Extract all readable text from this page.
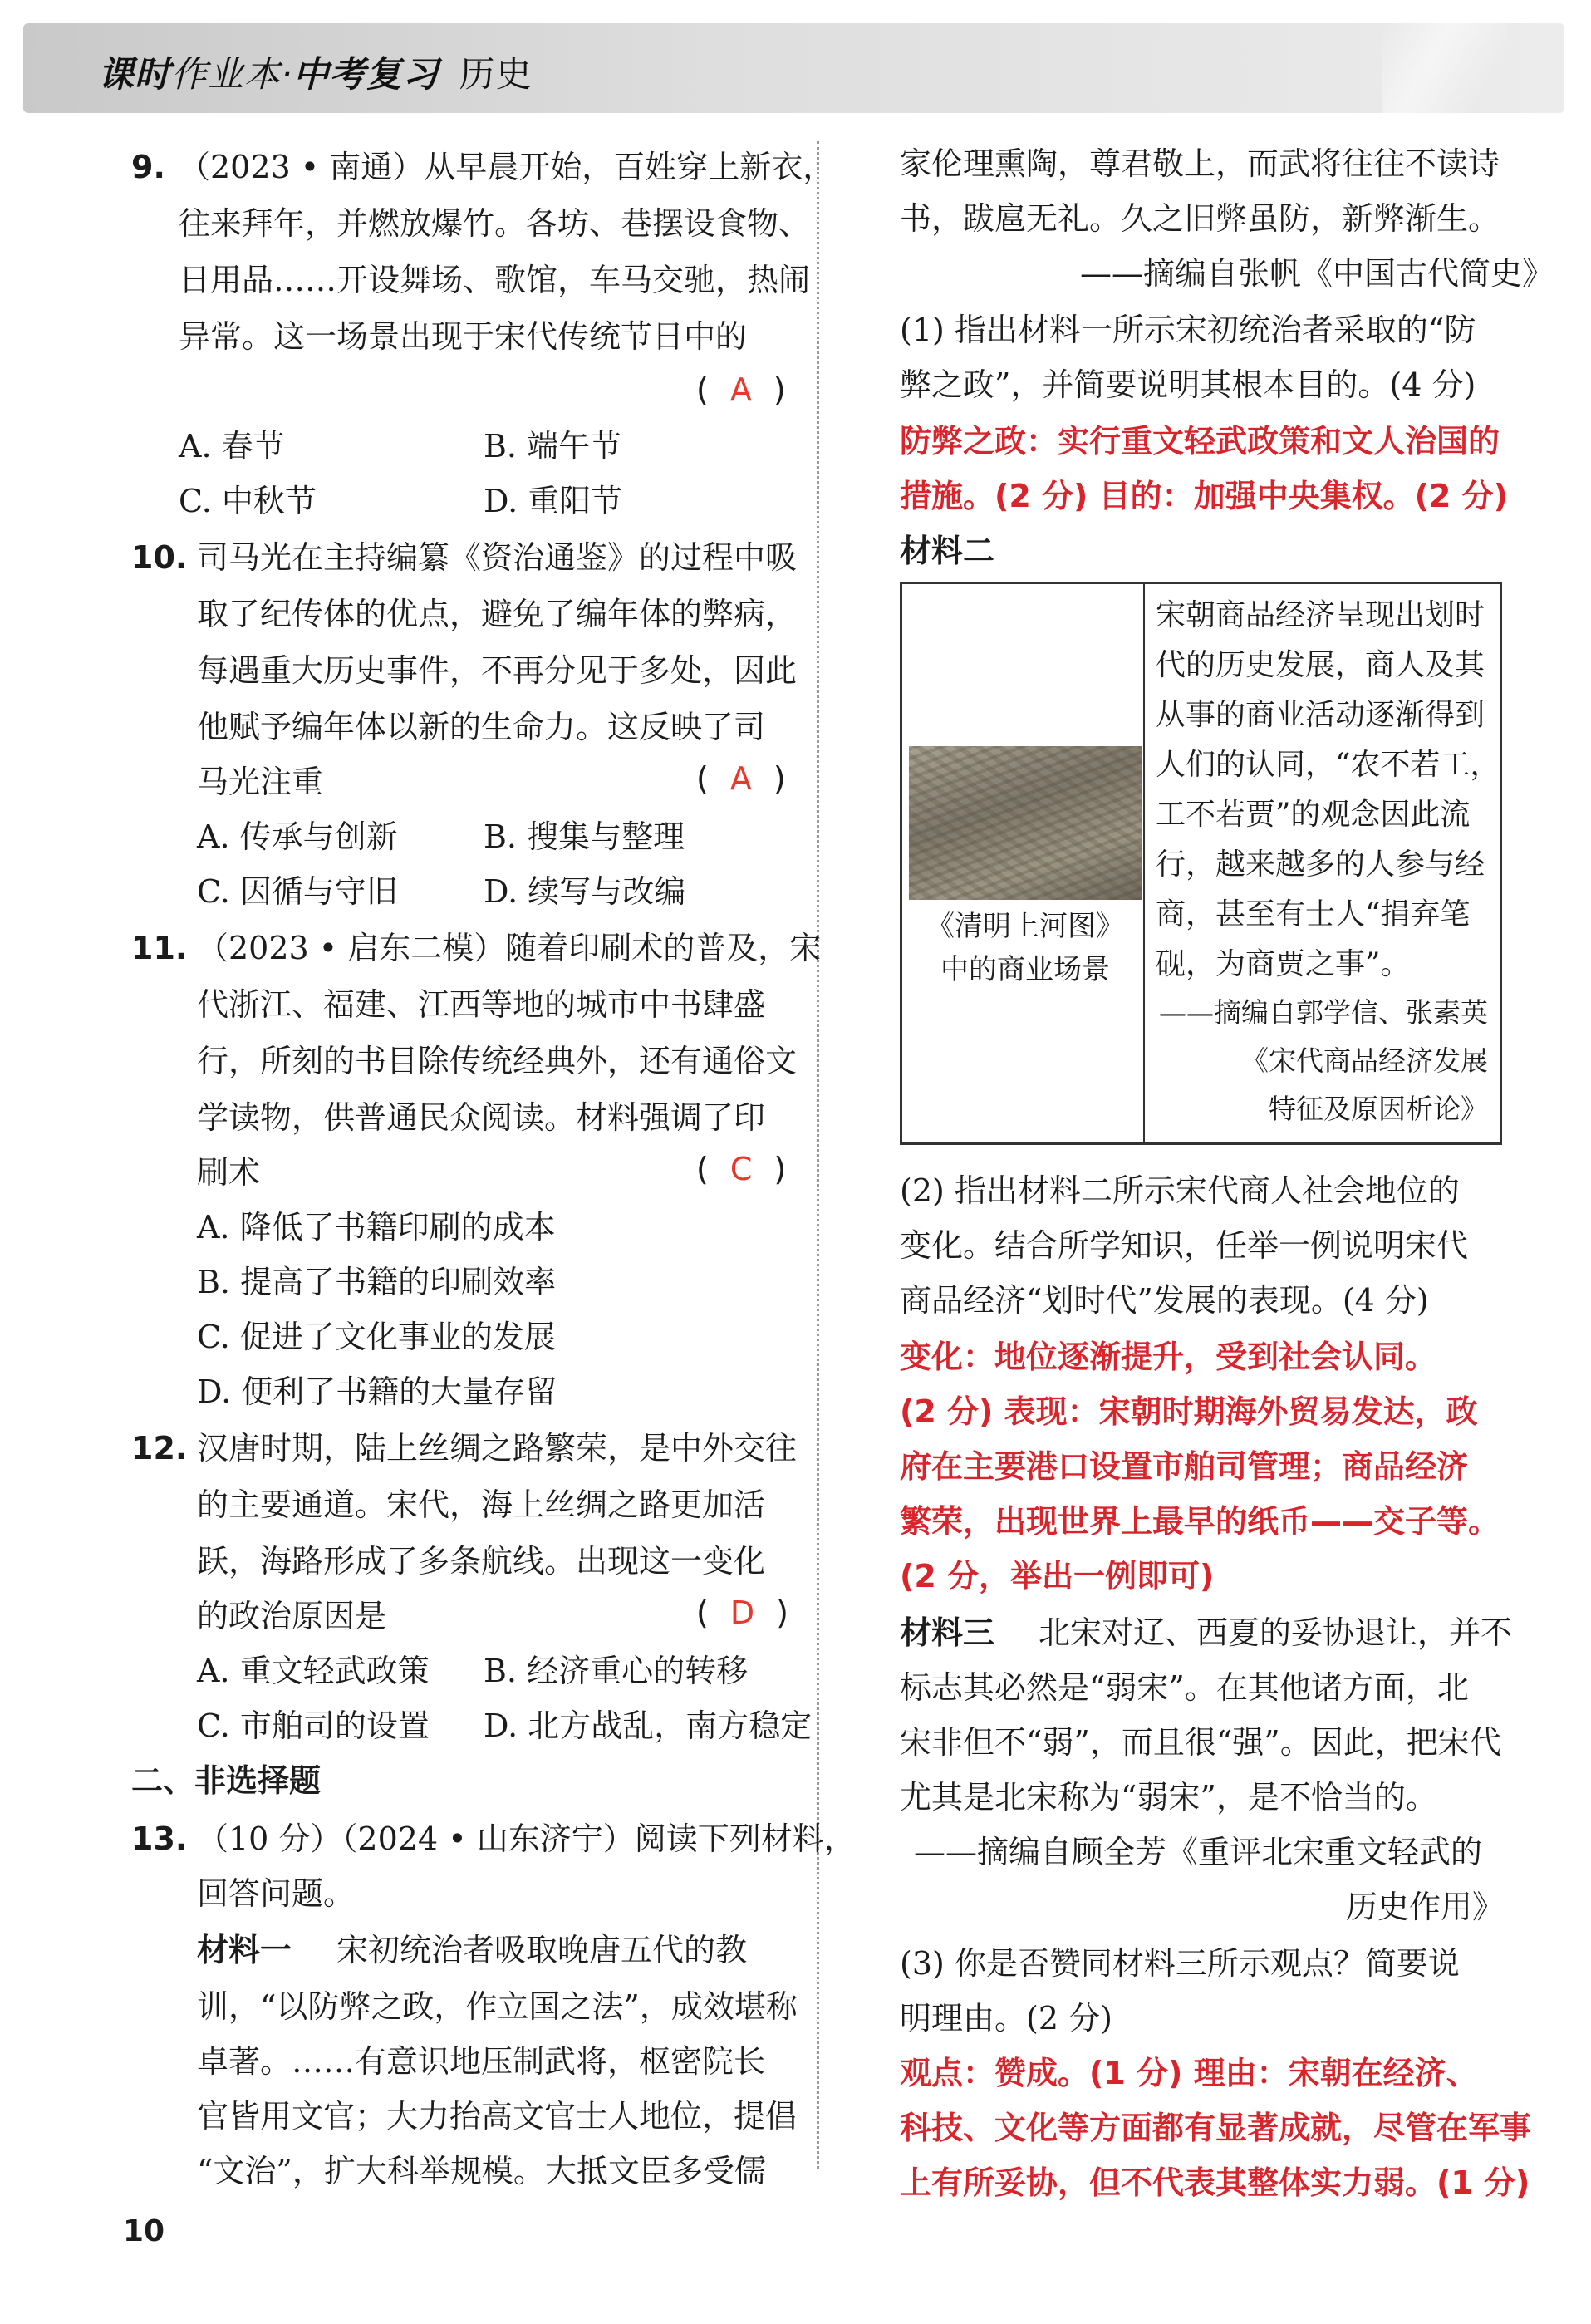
课时作业本·中考复习 历史
9. （2023 • 南通）从早晨开始，百姓穿上新衣，
往来拜年，并燃放爆竹。各坊、巷摆设食物、
日用品……开设舞场、歌馆，车马交驰，热闹
异常。这一场景出现于宋代传统节日中的
( A )
A. 春节	B. 端午节
C. 中秋节	D. 重阳节
10. 司马光在主持编纂《资治通鉴》的过程中吸
取了纪传体的优点，避免了编年体的弊病，
每遇重大历史事件，不再分见于多处，因此
他赋予编年体以新的生命力。这反映了司
马光注重	( A )
A. 传承与创新	B. 搜集与整理
C. 因循与守旧	D. 续写与改编
11. （2023 • 启东二模）随着印刷术的普及，宋
代浙江、福建、江西等地的城市中书肆盛
行，所刻的书目除传统经典外，还有通俗文
学读物，供普通民众阅读。材料强调了印
刷术	( C )
A. 降低了书籍印刷的成本
B. 提高了书籍的印刷效率
C. 促进了文化事业的发展
D. 便利了书籍的大量存留
12. 汉唐时期，陆上丝绸之路繁荣，是中外交往
的主要通道。宋代，海上丝绸之路更加活
跃，海路形成了多条航线。出现这一变化
的政治原因是	( D )
A. 重文轻武政策 B. 经济重心的转移
C. 市舶司的设置 D. 北方战乱，南方稳定
二、非选择题
13. （10 分）（2024 • 山东济宁）阅读下列材料，
回答问题。
材料一 宋初统治者吸取晚唐五代的教
训，“以防弊之政，作立国之法”，成效堪称
卓著。……有意识地压制武将，枢密院长
官皆用文官；大力抬高文官士人地位，提倡
“文治”，扩大科举规模。大抵文臣多受儒
10
家伦理熏陶，尊君敬上，而武将往往不读诗
书，跋扈无礼。久之旧弊虽防，新弊渐生。
——摘编自张帆《中国古代简史》
(1) 指出材料一所示宋初统治者采取的“防
弊之政”，并简要说明其根本目的。(4 分)
防弊之政：实行重文轻武政策和文人治国的
措施。(2 分) 目的：加强中央集权。(2 分)
材料二
《清明上河图》
中的商业场景
宋朝商品经济呈现出划时
代的历史发展，商人及其
从事的商业活动逐渐得到
人们的认同，“农不若工，
工不若贾”的观念因此流
行，越来越多的人参与经
商，甚至有士人“捐弃笔
砚，为商贾之事”。
——摘编自郭学信、张素英
《宋代商品经济发展
特征及原因析论》
(2) 指出材料二所示宋代商人社会地位的
变化。结合所学知识，任举一例说明宋代
商品经济“划时代”发展的表现。(4 分)
变化：地位逐渐提升，受到社会认同。
(2 分) 表现：宋朝时期海外贸易发达，政
府在主要港口设置市舶司管理；商品经济
繁荣，出现世界上最早的纸币——交子等。
(2 分，举出一例即可)
材料三 北宋对辽、西夏的妥协退让，并不
标志其必然是“弱宋”。在其他诸方面，北
宋非但不“弱”，而且很“强”。因此，把宋代
尤其是北宋称为“弱宋”，是不恰当的。
——摘编自顾全芳《重评北宋重文轻武的
历史作用》
(3) 你是否赞同材料三所示观点？简要说
明理由。(2 分)
观点：赞成。(1 分) 理由：宋朝在经济、
科技、文化等方面都有显著成就，尽管在军事
上有所妥协，但不代表其整体实力弱。(1 分)
